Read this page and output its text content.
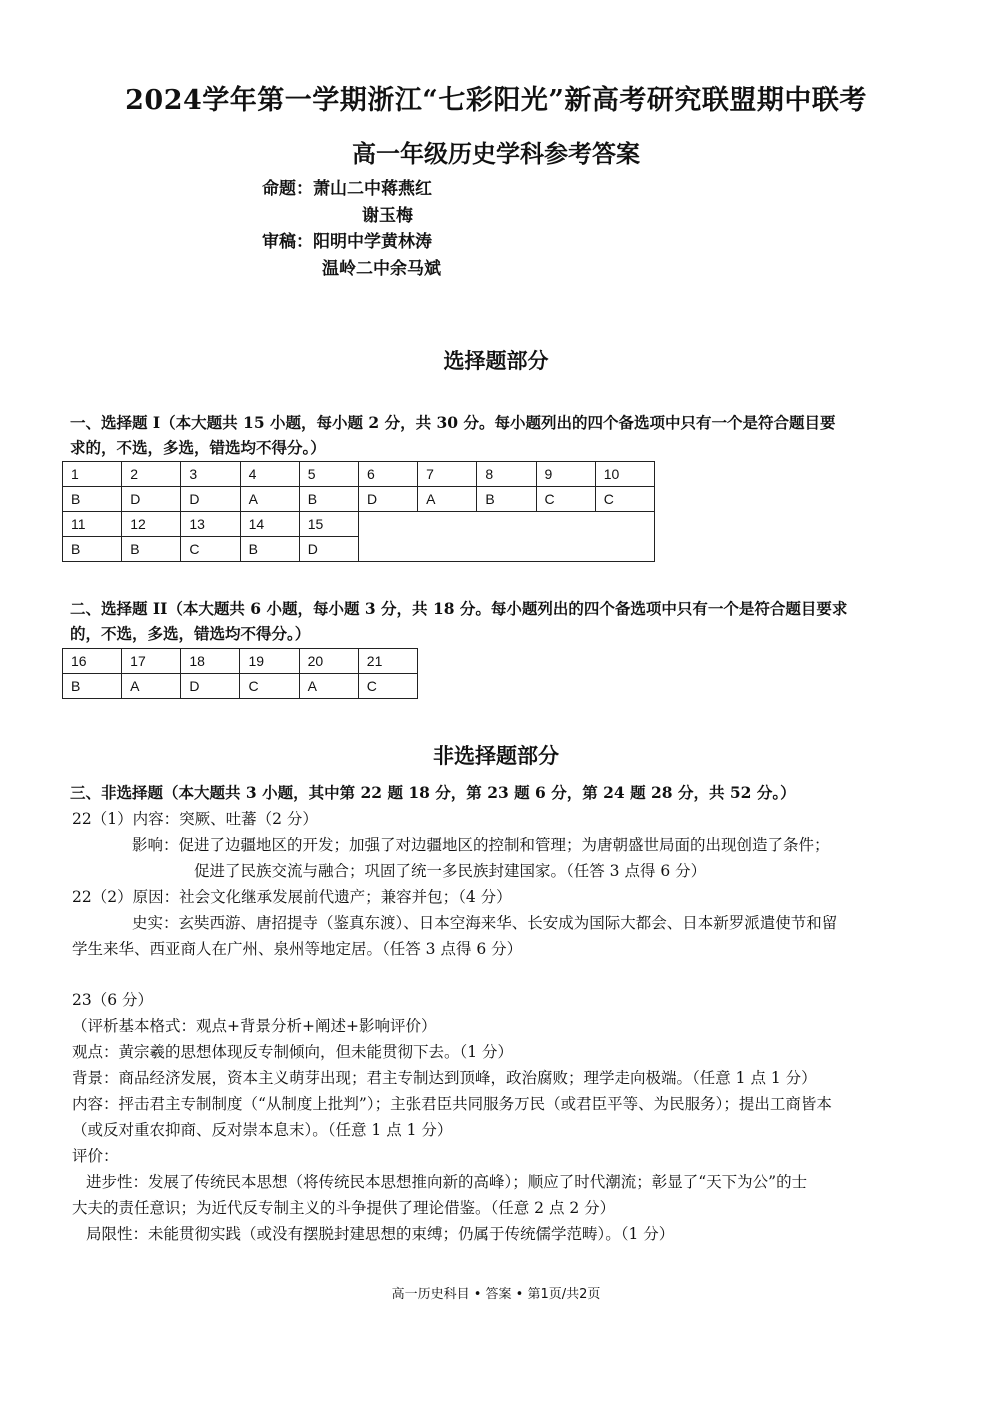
2024学年第一学期浙江“七彩阳光”新高考研究联盟期中联考
高一年级历史学科参考答案
命题：萧山二中蒋燕红
谢玉梅
审稿：阳明中学黄林涛
温岭二中余马斌
选择题部分
一、选择题 I（本大题共 15 小题，每小题 2 分，共 30 分。每小题列出的四个备选项中只有一个是符合题目要
求的，不选，多选，错选均不得分。）
1	2	3	4	5	6	7	8	9	10
B	D	D	A	B	D	A	B	C	C
11	12	13	14	15					
B	B	C	B	D					
二、选择题 II（本大题共 6 小题，每小题 3 分，共 18 分。每小题列出的四个备选项中只有一个是符合题目要求
的，不选，多选，错选均不得分。）
16	17	18	19	20	21
B	A	D	C	A	C
非选择题部分
三、非选择题（本大题共 3 小题，其中第 22 题 18 分，第 23 题 6 分，第 24 题 28 分，共 52 分。）
22（1）内容：突厥、吐蕃（2 分）
影响：促进了边疆地区的开发；加强了对边疆地区的控制和管理；为唐朝盛世局面的出现创造了条件；
促进了民族交流与融合；巩固了统一多民族封建国家。（任答 3 点得 6 分）
22（2）原因：社会文化继承发展前代遗产；兼容并包；（4 分）
史实：玄奘西游、唐招提寺（鉴真东渡）、日本空海来华、长安成为国际大都会、日本新罗派遣使节和留
学生来华、西亚商人在广州、泉州等地定居。（任答 3 点得 6 分）
23（6 分）
（评析基本格式：观点+背景分析+阐述+影响评价）
观点：黄宗羲的思想体现反专制倾向，但未能贯彻下去。（1 分）
背景：商品经济发展，资本主义萌芽出现；君主专制达到顶峰，政治腐败；理学走向极端。（任意 1 点 1 分）
内容：抨击君主专制制度（“从制度上批判”）；主张君臣共同服务万民（或君臣平等、为民服务）；提出工商皆本
（或反对重农抑商、反对崇本息末）。（任意 1 点 1 分）
评价：
进步性：发展了传统民本思想（将传统民本思想推向新的高峰）；顺应了时代潮流；彰显了“天下为公”的士
大夫的责任意识；为近代反专制主义的斗争提供了理论借鉴。（任意 2 点 2 分）
局限性：未能贯彻实践（或没有摆脱封建思想的束缚；仍属于传统儒学范畴）。（1 分）
高一历史科目 • 答案 • 第1页/共2页
